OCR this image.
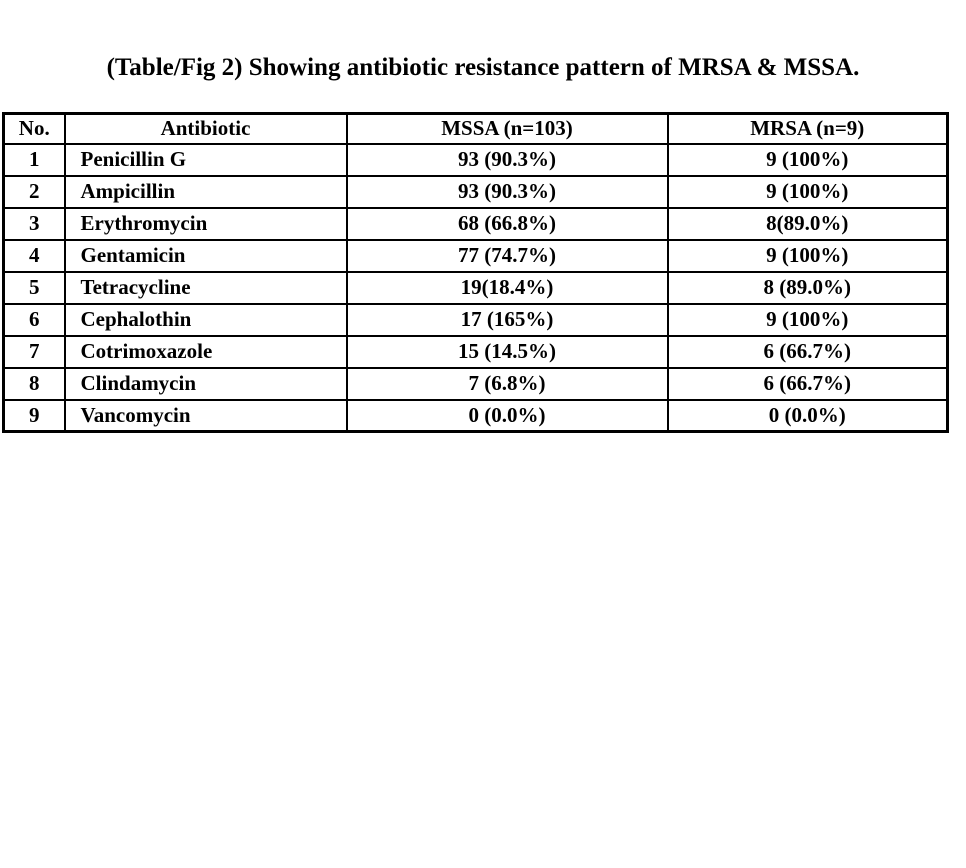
(Table/Fig 2) Showing antibiotic resistance pattern of MRSA & MSSA.
No.	Antibiotic	MSSA (n=103)	MRSA (n=9)
1	Penicillin G	93 (90.3%)	9 (100%)
2	Ampicillin	93 (90.3%)	9 (100%)
3	Erythromycin	68 (66.8%)	8(89.0%)
4	Gentamicin	77 (74.7%)	9 (100%)
5	Tetracycline	19(18.4%)	8 (89.0%)
6	Cephalothin	17 (165%)	9 (100%)
7	Cotrimoxazole	15 (14.5%)	6 (66.7%)
8	Clindamycin	7 (6.8%)	6 (66.7%)
9	Vancomycin	0 (0.0%)	0 (0.0%)
